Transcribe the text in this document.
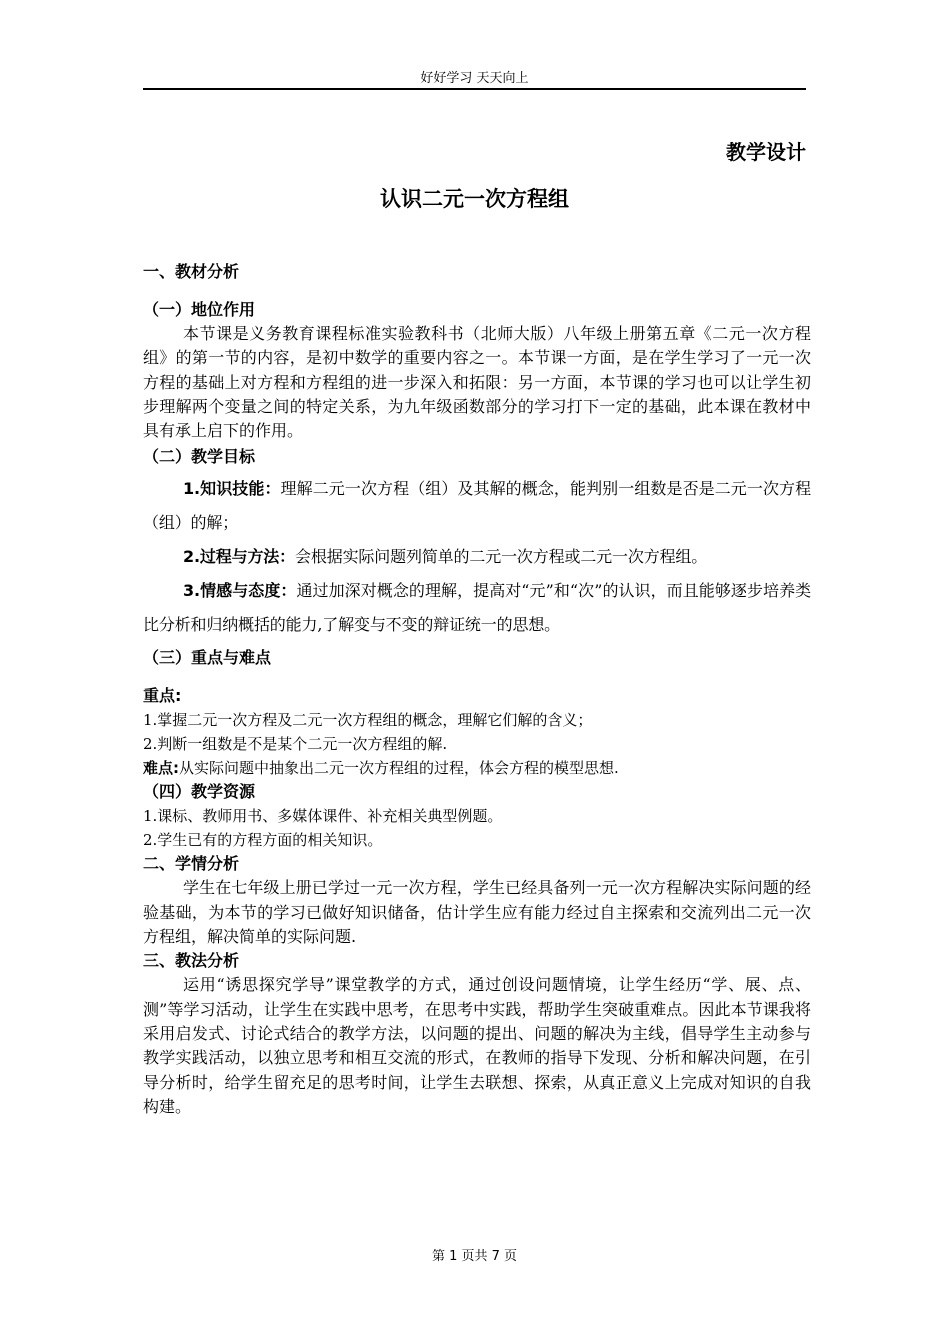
好好学习 天天向上
教学设计
认识二元一次方程组
一、教材分析
（一）地位作用
本节课是义务教育课程标准实验教科书（北师大版）八年级上册第五章《二元一次方程组》的第一节的内容，是初中数学的重要内容之一。本节课一方面，是在学生学习了一元一次方程的基础上对方程和方程组的进一步深入和拓限：另一方面，本节课的学习也可以让学生初步理解两个变量之间的特定关系，为九年级函数部分的学习打下一定的基础，此本课在教材中具有承上启下的作用。
（二）教学目标
1.知识技能：理解二元一次方程（组）及其解的概念，能判别一组数是否是二元一次方程（组）的解；
2.过程与方法：会根据实际问题列简单的二元一次方程或二元一次方程组。
3.情感与态度：通过加深对概念的理解，提高对“元”和“次”的认识，而且能够逐步培养类比分析和归纳概括的能力,了解变与不变的辩证统一的思想。
（三）重点与难点
重点:
1.掌握二元一次方程及二元一次方程组的概念，理解它们解的含义；
2.判断一组数是不是某个二元一次方程组的解.
难点:从实际问题中抽象出二元一次方程组的过程，体会方程的模型思想.
（四）教学资源
1.课标、教师用书、多媒体课件、补充相关典型例题。
2.学生已有的方程方面的相关知识。
二、学情分析
学生在七年级上册已学过一元一次方程，学生已经具备列一元一次方程解决实际问题的经验基础，为本节的学习已做好知识储备，估计学生应有能力经过自主探索和交流列出二元一次方程组，解决简单的实际问题.
三、教法分析
运用“诱思探究学导”课堂教学的方式，通过创设问题情境，让学生经历“学、展、点、测”等学习活动，让学生在实践中思考，在思考中实践，帮助学生突破重难点。因此本节课我将采用启发式、讨论式结合的教学方法，以问题的提出、问题的解决为主线，倡导学生主动参与教学实践活动，以独立思考和相互交流的形式，在教师的指导下发现、分析和解决问题，在引导分析时，给学生留充足的思考时间，让学生去联想、探索，从真正意义上完成对知识的自我构建。
第 1 页共 7 页
